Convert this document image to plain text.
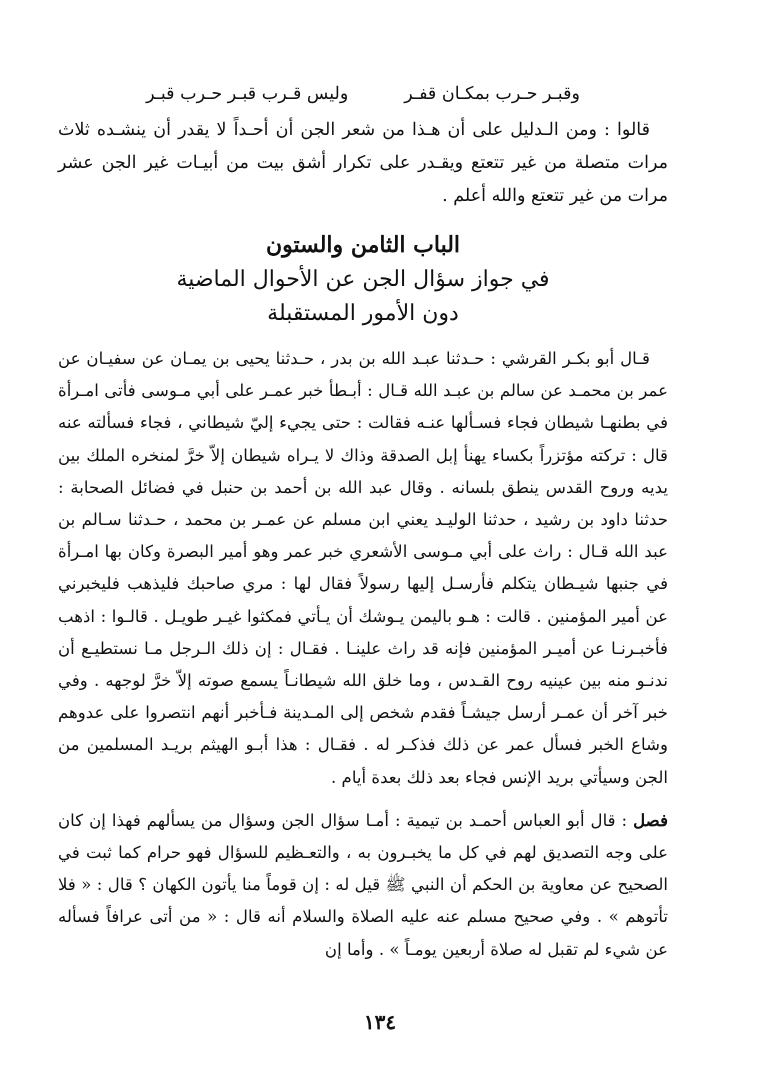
وقبـر حـرب بمكـان قفـر
وليس قـرب قبـر حـرب قبـر

قالوا : ومن الـدليل على أن هـذا من شعر الجن أن أحـداً لا يقدر أن ينشـده ثلاث مرات متصلة من غير تتعتع ويقـدر على تكرار أشق بيت من أبيـات غير الجن عشر مرات من غير تتعتع والله أعلم .

الباب الثامن والستون
في جواز سؤال الجن عن الأحوال الماضية
دون الأمور المستقبلة

قـال أبو بكـر القرشي : حـدثنا عبـد الله بن بدر ، حـدثنا يحيى بن يمـان عن سفيـان عن عمر بن محمـد عن سالم بن عبـد الله قـال : أبـطأ خبر عمـر على أبي مـوسى فأتى امـرأة في بطنهـا شيطان فجاء فسـألها عنـه فقالت : حتى يجيء إليّ شيطاني ، فجاء فسألته عنه قال : تركته مؤتزراً بكساء يهنأ إبل الصدقة وذاك لا يـراه شيطان إلاّ خرَّ لمنخره الملك بين يديه وروح القدس ينطق بلسانه . وقال عبد الله بن أحمد بن حنبل في فضائل الصحابة : حدثنا داود بن رشيد ، حدثنا الوليـد يعني ابن مسلم عن عمـر بن محمد ، حـدثنا سـالم بن عبد الله قـال : راث على أبي مـوسى الأشعري خبر عمر وهو أمير البصرة وكان بها امـرأة في جنبها شيـطان يتكلم فأرسـل إليها رسولاً فقال لها : مري صاحبك فليذهب فليخبرني عن أمير المؤمنين . قالت : هـو باليمن يـوشك أن يـأتي فمكثوا غيـر طويـل . قالـوا : اذهب فأخبـرنـا عن أميـر المؤمنين فإنه قد راث علينـا . فقـال : إن ذلك الـرجل مـا نستطيـع أن ندنـو منه بين عينيه روح القـدس ، وما خلق الله شيطانـاً يسمع صوته إلاّ خرَّ لوجهه . وفي خبر آخر أن عمـر أرسل جيشـاً فقدم شخص إلى المـدينة فـأخبر أنهم انتصروا على عدوهم وشاع الخبر فسأل عمر عن ذلك فذكـر له . فقـال : هذا أبـو الهيثم بريـد المسلمين من الجن وسيأتي بريد الإنس فجاء بعد ذلك بعدة أيام .

فصل : قال أبو العباس أحمـد بن تيمية : أمـا سؤال الجن وسؤال من يسألهم فهذا إن كان على وجه التصديق لهم في كل ما يخبـرون به ، والتعـظيم للسؤال فهو حرام كما ثبت في الصحيح عن معاوية بن الحكم أن النبي ﷺ قيل له : إن قوماً منا يأتون الكهان ؟ قال : « فلا تأتوهم » . وفي صحيح مسلم عنه عليه الصلاة والسلام أنه قال : « من أتى عرافاً فسأله عن شيء لم تقبل له صلاة أربعين يومـاً » . وأما إن

١٣٤
